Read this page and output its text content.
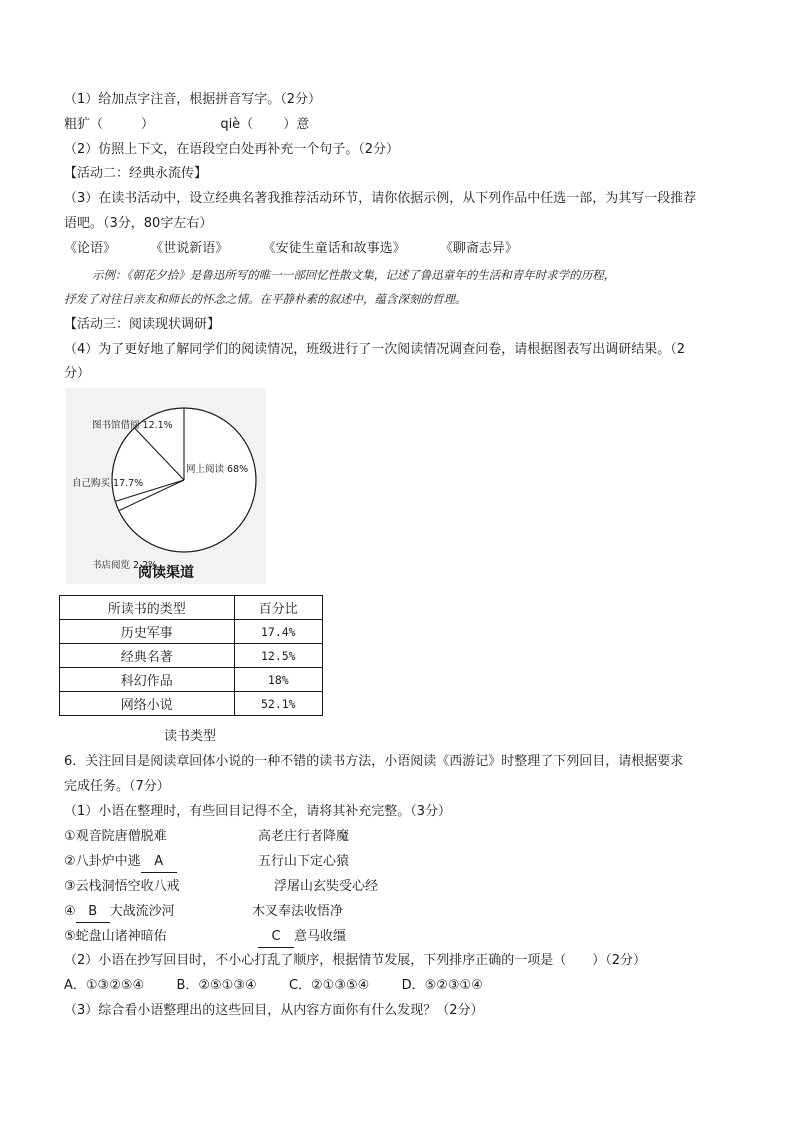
（1）给加点字注音，根据拼音写字。（2分）
粗犷（	）	qiè（ ）意
（2）仿照上下文，在语段空白处再补充一个句子。（2分）
【活动二：经典永流传】
（3）在读书活动中，设立经典名著我推荐活动环节，请你依据示例，从下列作品中任选一部，为其写一段推荐
语吧。（3分，80字左右）
《论语》	《世说新语》	《安徒生童话和故事选》	《聊斋志异》
示例：《朝花夕拾》是鲁迅所写的唯一一部回忆性散文集，记述了鲁迅童年的生活和青年时求学的历程，
抒发了对往日亲友和师长的怀念之情。在平静朴素的叙述中，蕴含深刻的哲理。
【活动三：阅读现状调研】
（4）为了更好地了解同学们的阅读情况，班级进行了一次阅读情况调查问卷，请根据图表写出调研结果。（2
分）
网上阅读 68%
书店阅览 2.2%
自己购买 17.7%
图书馆借阅 12.1%
阅读渠道
所读书的类型	百分比
历史军事	17.4%
经典名著	12.5%
科幻作品	18%
网络小说	52.1%
读书类型
6．关注回目是阅读章回体小说的一种不错的读书方法，小语阅读《西游记》时整理了下列回目，请根据要求
完成任务。（7分）
（1）小语在整理时，有些回目记得不全，请将其补充完整。（3分）
①观音院唐僧脱难	高老庄行者降魔
②八卦炉中逃 A	五行山下定心猿
③云栈洞悟空收八戒	浮屠山玄奘受心经
④ B 大战流沙河	木叉奉法收悟净
⑤蛇盘山诸神暗佑	C 意马收缰
（2）小语在抄写回目时，不小心打乱了顺序，根据情节发展，下列排序正确的一项是（　　）（2分）
A．①③②⑤④ B．②⑤①③④ C．②①③⑤④ D．⑤②③①④
（3）综合看小语整理出的这些回目，从内容方面你有什么发现？（2分）
